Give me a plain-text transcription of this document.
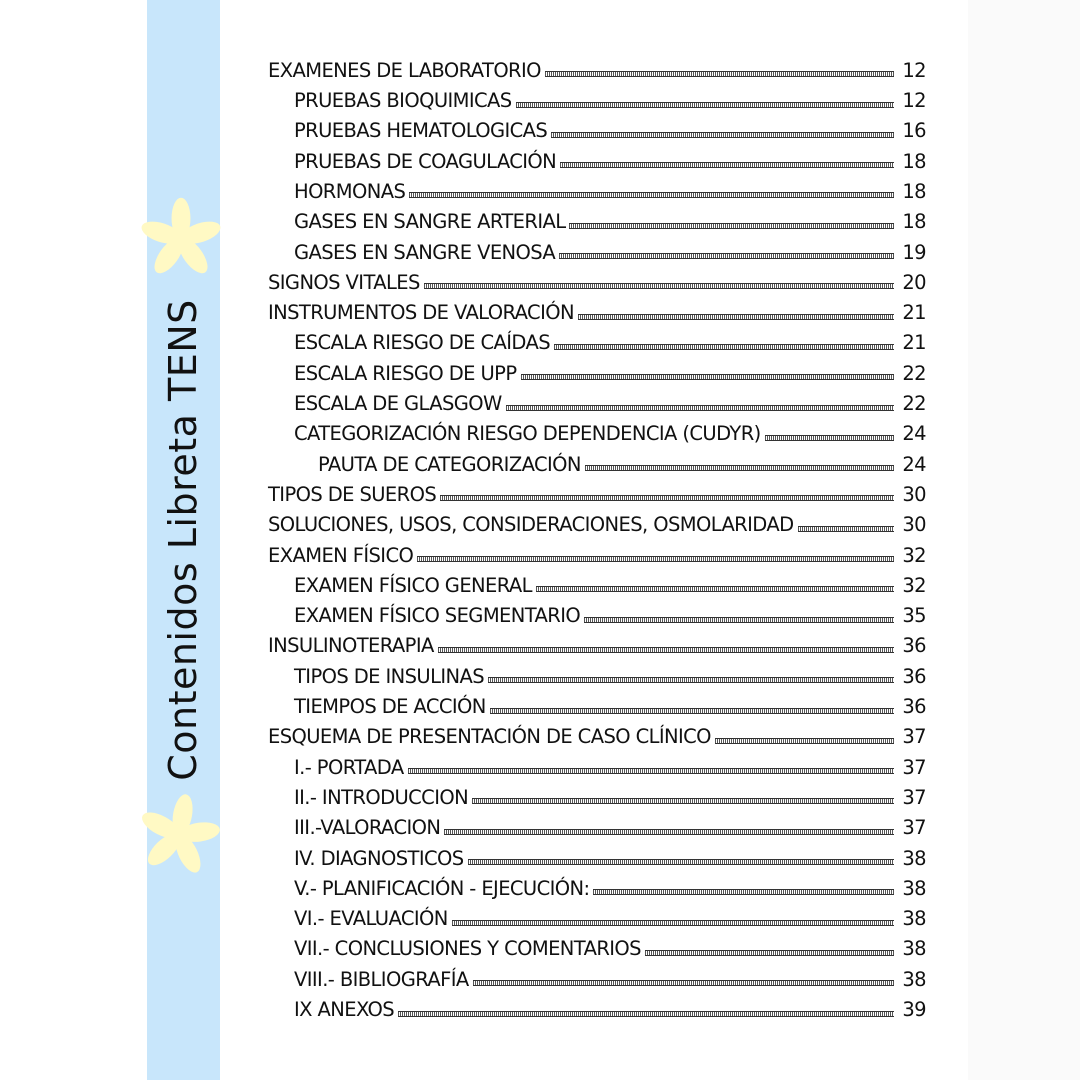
Contenidos Libreta TENS
EXAMENES DE LABORATORIO	12
PRUEBAS BIOQUIMICAS	12
PRUEBAS HEMATOLOGICAS	16
PRUEBAS DE COAGULACIÓN	18
HORMONAS	18
GASES EN SANGRE ARTERIAL	18
GASES EN SANGRE VENOSA	19
SIGNOS VITALES	20
INSTRUMENTOS DE VALORACIÓN	21
ESCALA RIESGO DE CAÍDAS	21
ESCALA RIESGO DE UPP	22
ESCALA DE GLASGOW	22
CATEGORIZACIÓN RIESGO DEPENDENCIA (CUDYR)	24
PAUTA DE CATEGORIZACIÓN	24
TIPOS DE SUEROS	30
SOLUCIONES, USOS, CONSIDERACIONES, OSMOLARIDAD	30
EXAMEN FÍSICO	32
EXAMEN FÍSICO GENERAL	32
EXAMEN FÍSICO SEGMENTARIO	35
INSULINOTERAPIA	36
TIPOS DE INSULINAS	36
TIEMPOS DE ACCIÓN	36
ESQUEMA DE PRESENTACIÓN DE CASO CLÍNICO	37
I.- PORTADA	37
II.- INTRODUCCION	37
III.-VALORACION	37
IV. DIAGNOSTICOS	38
V.- PLANIFICACIÓN - EJECUCIÓN:	38
VI.- EVALUACIÓN	38
VII.- CONCLUSIONES Y COMENTARIOS	38
VIII.- BIBLIOGRAFÍA	38
IX ANEXOS	39
